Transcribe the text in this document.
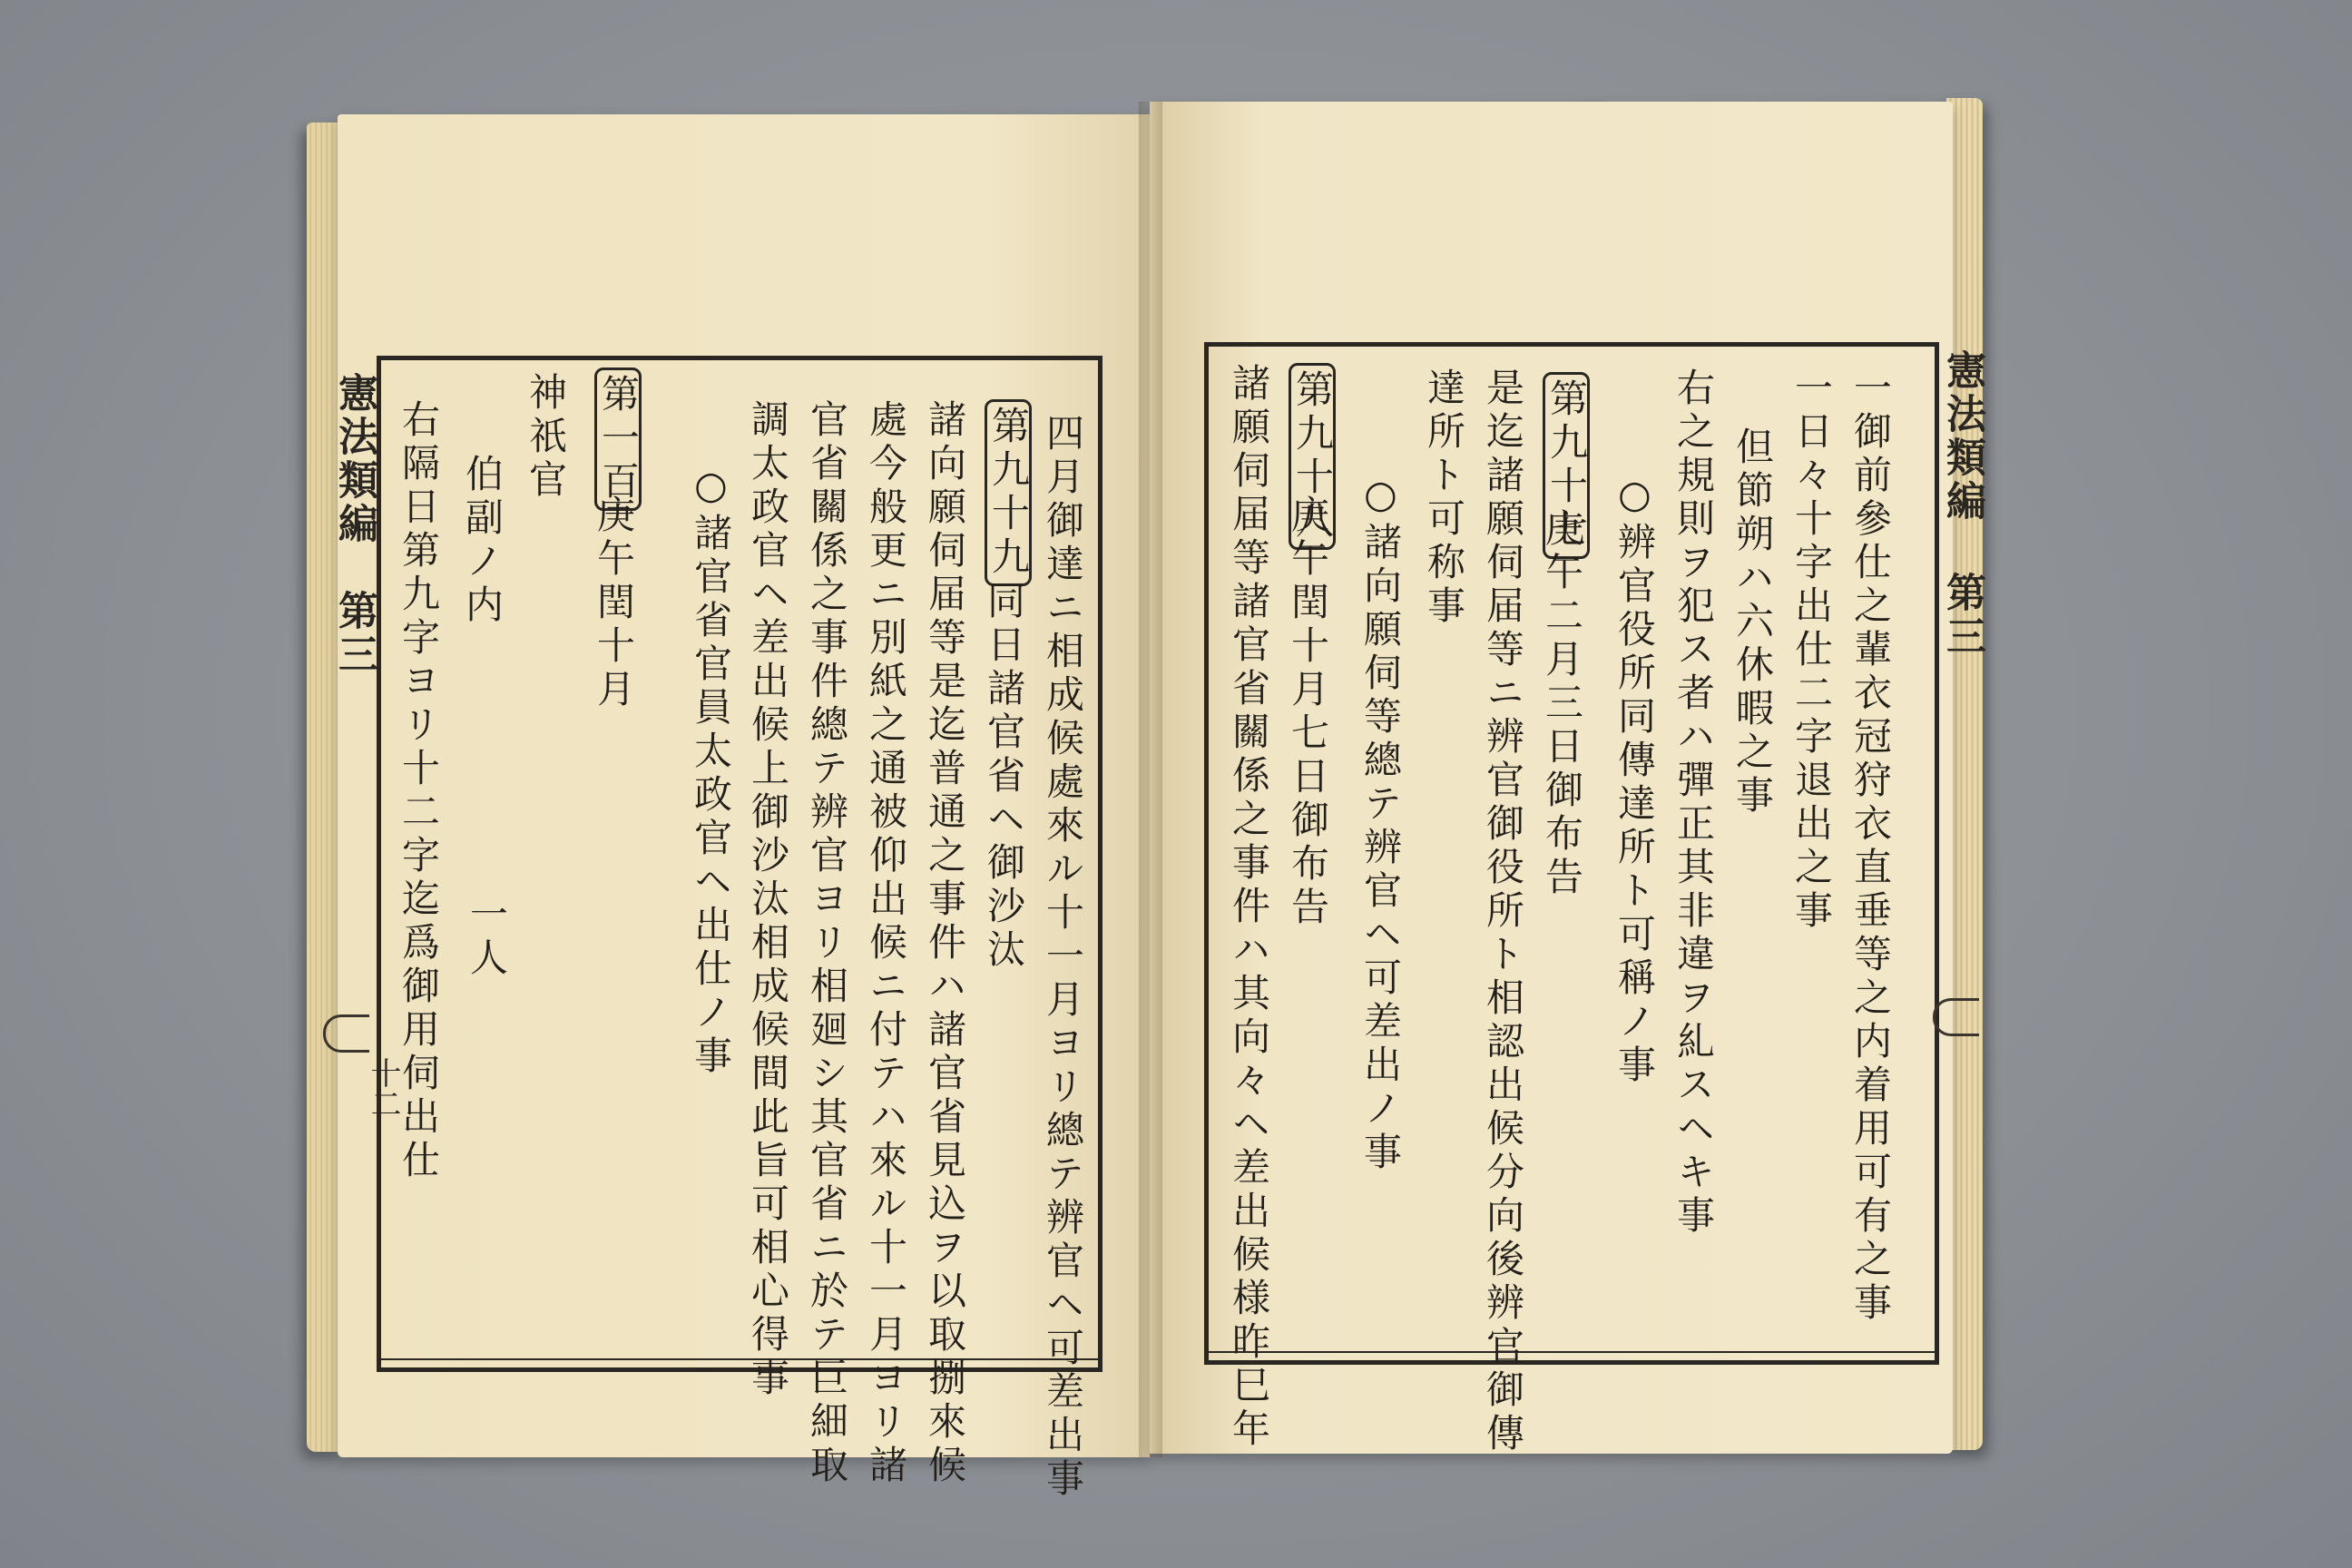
憲法類編
第三
十二	四月御達ニ相成候處來ル十一月ヨリ總テ辨官ヘ可差出事
第九十九
同日諸官省ヘ御沙汰
諸向願伺届等是迄普通之事件ハ諸官省見込ヲ以取捌來候
處今般更ニ別紙之通被仰出候ニ付テハ來ル十一月ヨリ諸
官省關係之事件總テ辨官ヨリ相廻シ其官省ニ於テ巨細取
調太政官ヘ差出候上御沙汰相成候間此旨可相心得事
○諸官省官員太政官ヘ出仕ノ事
第一百
庚午閏十月
神祇官
伯副ノ内
一人
右隔日第九字ヨリ十二字迄爲御用伺出仕	憲法類編
第三
一御前參仕之輩衣冠狩衣直垂等之内着用可有之事
一日々十字出仕二字退出之事
但節朔ハ六休暇之事
右之規則ヲ犯ス者ハ彈正其非違ヲ糺スヘキ事
○辨官役所同傳達所ト可稱ノ事
第九十七
庚午二月三日御布告
是迄諸願伺届等ニ辨官御役所ト相認出候分向後辨官御傳
達所ト可称事
○諸向願伺等總テ辨官ヘ可差出ノ事
第九十八
庚午閏十月七日御布告
諸願伺届等諸官省關係之事件ハ其向々ヘ差出候様昨巳年
